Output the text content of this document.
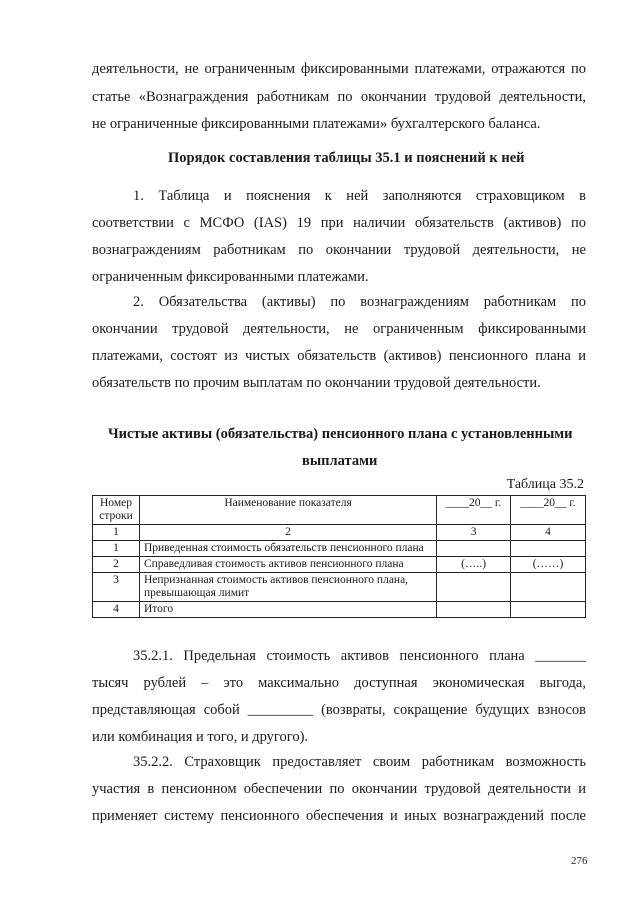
деятельности, не ограниченным фиксированными платежами, отражаются по
статье «Вознаграждения работникам по окончании трудовой деятельности,
не ограниченные фиксированными платежами» бухгалтерского баланса.
Порядок составления таблицы 35.1 и пояснений к ней
1. Таблица и пояснения к ней заполняются страховщиком в
соответствии с МСФО (IAS) 19 при наличии обязательств (активов) по
вознаграждениям работникам по окончании трудовой деятельности, не
ограниченным фиксированными платежами.
2. Обязательства (активы) по вознаграждениям работникам по
окончании трудовой деятельности, не ограниченным фиксированными
платежами, состоят из чистых обязательств (активов) пенсионного плана и
обязательств по прочим выплатам по окончании трудовой деятельности.
Чистые активы (обязательства) пенсионного плана с установленными
выплатами
Таблица 35.2
Номер строки	Наименование показателя	____20__ г.	____20__ г.
1	2	3	4
1	Приведенная стоимость обязательств пенсионного плана		
2	Справедливая стоимость активов пенсионного плана	(…..)	(……)
3	Непризнанная стоимость активов пенсионного плана, превышающая лимит		
4	Итого		
35.2.1. Предельная стоимость активов пенсионного плана _______
тысяч рублей – это максимально доступная экономическая выгода,
представляющая собой _________ (возвраты, сокращение будущих взносов
или комбинация и того, и другого).
35.2.2. Страховщик предоставляет своим работникам возможность
участия в пенсионном обеспечении по окончании трудовой деятельности и
применяет систему пенсионного обеспечения и иных вознаграждений после
276
